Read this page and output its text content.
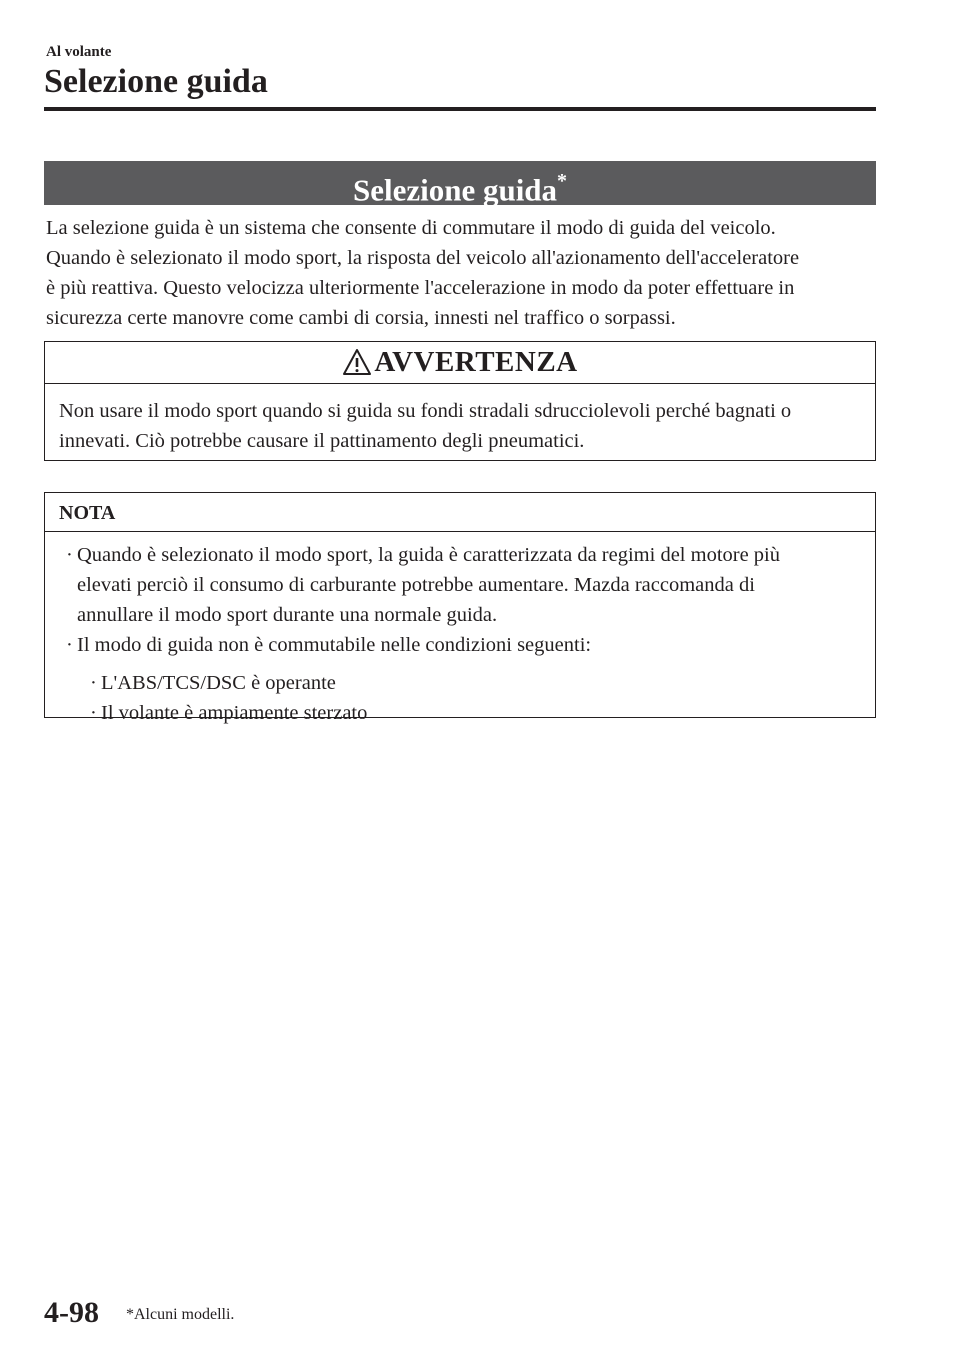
Al volante
Selezione guida
Selezione guida*
La selezione guida è un sistema che consente di commutare il modo di guida del veicolo.
Quando è selezionato il modo sport, la risposta del veicolo all'azionamento dell'acceleratore
è più reattiva. Questo velocizza ulteriormente l'accelerazione in modo da poter effettuare in
sicurezza certe manovre come cambi di corsia, innesti nel traffico o sorpassi.
AVVERTENZA
Non usare il modo sport quando si guida su fondi stradali sdrucciolevoli perché bagnati o
innevati. Ciò potrebbe causare il pattinamento degli pneumatici.
NOTA
· Quando è selezionato il modo sport, la guida è caratterizzata da regimi del motore più
elevati perciò il consumo di carburante potrebbe aumentare. Mazda raccomanda di
annullare il modo sport durante una normale guida.
· Il modo di guida non è commutabile nelle condizioni seguenti:
· L'ABS/TCS/DSC è operante
· Il volante è ampiamente sterzato
4-98 *Alcuni modelli.
